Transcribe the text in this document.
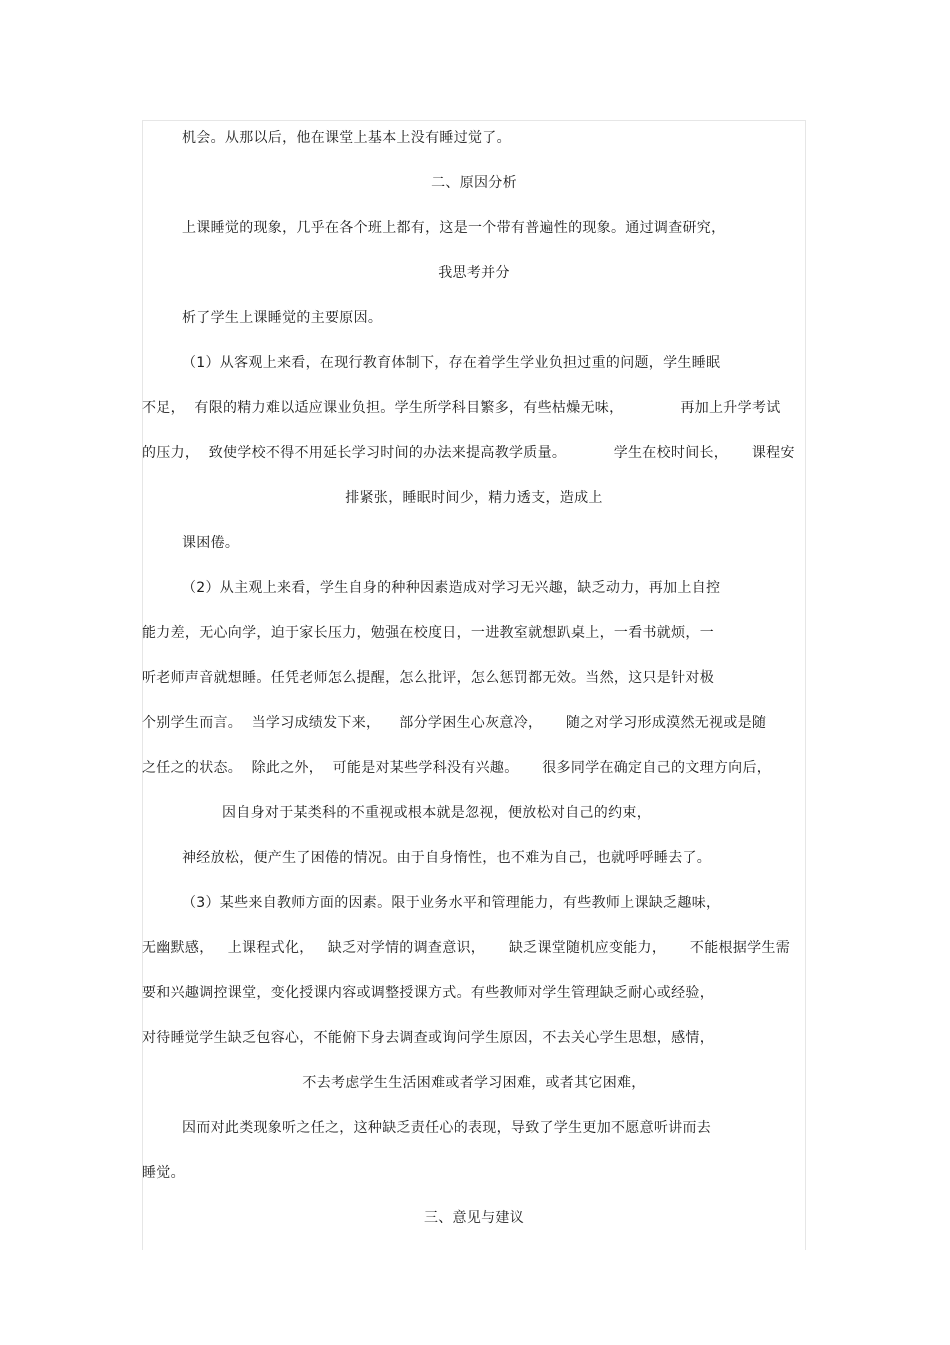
机会。从那以后，他在课堂上基本上没有睡过觉了。
二、原因分析
上课睡觉的现象，几乎在各个班上都有，这是一个带有普遍性的现象。通过调查研究，
我思考并分
析了学生上课睡觉的主要原因。
（1）从客观上来看，在现行教育体制下，存在着学生学业负担过重的问题，学生睡眠
不足，  有限的精力难以适应课业负担。学生所学科目繁多，有些枯燥无味，            再加上升学考试
的压力，  致使学校不得不用延长学习时间的办法来提高教学质量。          学生在校时间长，     课程安
排紧张，睡眠时间少，精力透支，造成上
课困倦。
（2）从主观上来看，学生自身的种种因素造成对学习无兴趣，缺乏动力，再加上自控
能力差，无心向学，迫于家长压力，勉强在校度日，一进教室就想趴桌上，一看书就烦，一
听老师声音就想睡。任凭老师怎么提醒，怎么批评，怎么惩罚都无效。当然，这只是针对极
个别学生而言。  当学习成绩发下来，    部分学困生心灰意冷，     随之对学习形成漠然无视或是随
之任之的状态。  除此之外，  可能是对某些学科没有兴趣。     很多同学在确定自己的文理方向后，
因自身对于某类科的不重视或根本就是忽视，便放松对自己的约束，
神经放松，便产生了困倦的情况。由于自身惰性，也不难为自己，也就呼呼睡去了。
（3）某些来自教师方面的因素。限于业务水平和管理能力，有些教师上课缺乏趣味，
无幽默感，   上课程式化，   缺乏对学情的调查意识，     缺乏课堂随机应变能力，     不能根据学生需
要和兴趣调控课堂，变化授课内容或调整授课方式。有些教师对学生管理缺乏耐心或经验，
对待睡觉学生缺乏包容心，不能俯下身去调查或询问学生原因，不去关心学生思想，感情，
不去考虑学生生活困难或者学习困难，或者其它困难，
因而对此类现象听之任之，这种缺乏责任心的表现，导致了学生更加不愿意听讲而去
睡觉。
三、意见与建议
